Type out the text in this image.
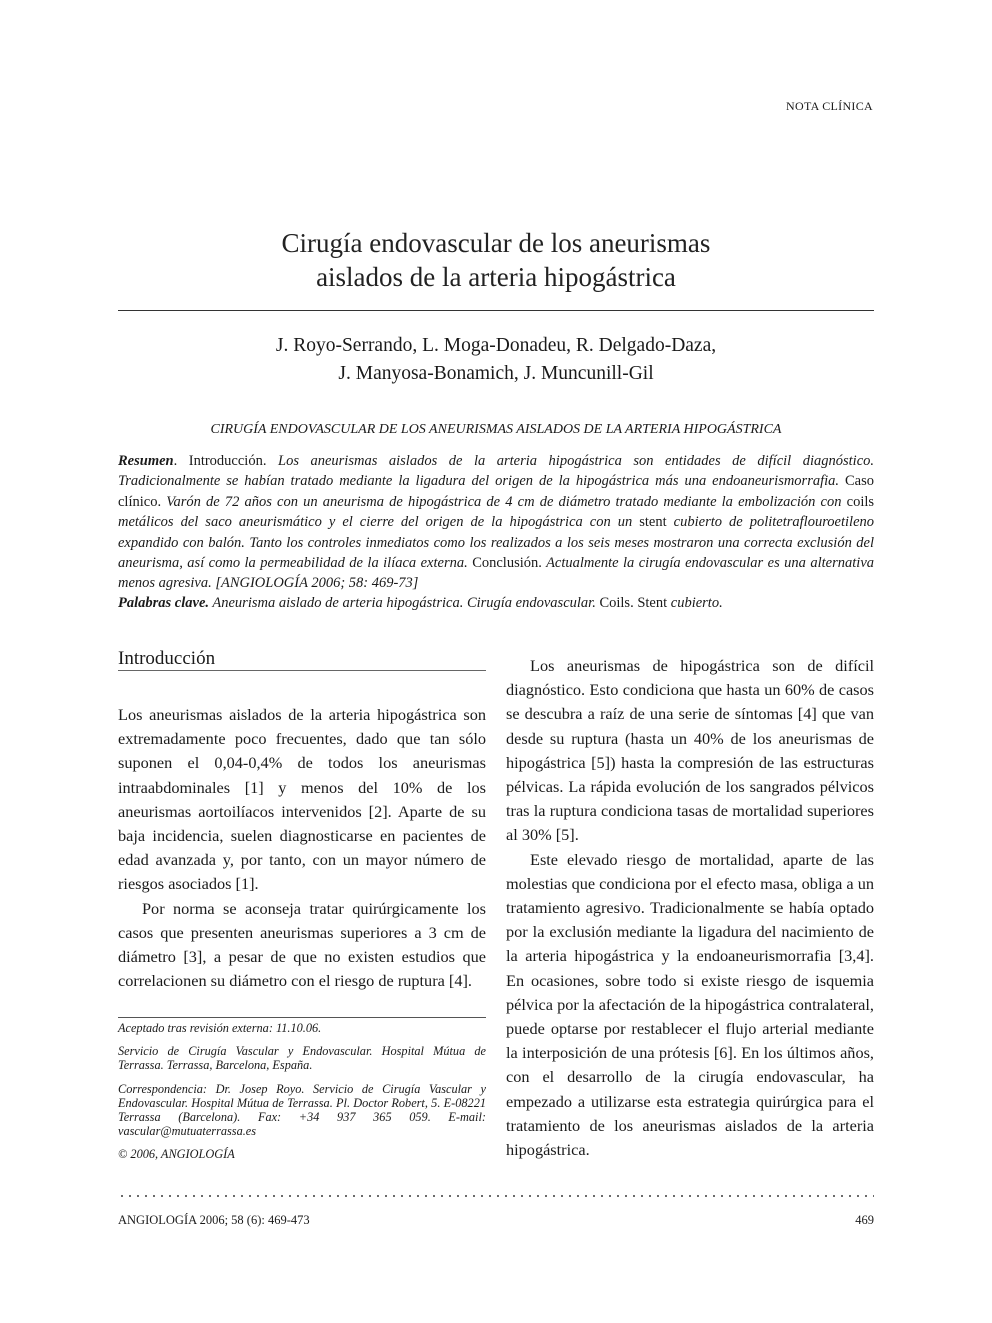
NOTA CLÍNICA
Cirugía endovascular de los aneurismas
aislados de la arteria hipogástrica
J. Royo-Serrando, L. Moga-Donadeu, R. Delgado-Daza,
J. Manyosa-Bonamich, J. Muncunill-Gil
CIRUGÍA ENDOVASCULAR DE LOS ANEURISMAS AISLADOS DE LA ARTERIA HIPOGÁSTRICA
Resumen. Introducción. Los aneurismas aislados de la arteria hipogástrica son entidades de difícil diagnóstico. Tradicionalmente se habían tratado mediante la ligadura del origen de la hipogástrica más una endoaneurismorrafia. Caso clínico. Varón de 72 años con un aneurisma de hipogástrica de 4 cm de diámetro tratado mediante la embolización con coils metálicos del saco aneurismático y el cierre del origen de la hipogástrica con un stent cubierto de politetraflouroetileno expandido con balón. Tanto los controles inmediatos como los realizados a los seis meses mostraron una correcta exclusión del aneurisma, así como la permeabilidad de la ilíaca externa. Conclusión. Actualmente la cirugía endovascular es una alternativa menos agresiva. [ANGIOLOGÍA 2006; 58: 469-73]
Palabras clave. Aneurisma aislado de arteria hipogástrica. Cirugía endovascular. Coils. Stent cubierto.
Introducción

Los aneurismas aislados de la arteria hipogástrica son extremadamente poco frecuentes, dado que tan sólo suponen el 0,04-0,4% de todos los aneurismas intraabdominales [1] y menos del 10% de los aneurismas aortoilíacos intervenidos [2]. Aparte de su baja incidencia, suelen diagnosticarse en pacientes de edad avanzada y, por tanto, con un mayor número de riesgos asociados [1].

Por norma se aconseja tratar quirúrgicamente los casos que presenten aneurismas superiores a 3 cm de diámetro [3], a pesar de que no existen estudios que correlacionen su diámetro con el riesgo de ruptura [4].

Aceptado tras revisión externa: 11.10.06.

Servicio de Cirugía Vascular y Endovascular. Hospital Mútua de Terrassa. Terrassa, Barcelona, España.

Correspondencia: Dr. Josep Royo. Servicio de Cirugía Vascular y Endovascular. Hospital Mútua de Terrassa. Pl. Doctor Robert, 5. E-08221 Terrassa (Barcelona). Fax: +34 937 365 059. E-mail: vascular@mutuaterrassa.es

© 2006, ANGIOLOGÍA

Los aneurismas de hipogástrica son de difícil diagnóstico. Esto condiciona que hasta un 60% de casos se descubra a raíz de una serie de síntomas [4] que van desde su ruptura (hasta un 40% de los aneurismas de hipogástrica [5]) hasta la compresión de las estructuras pélvicas. La rápida evolución de los sangrados pélvicos tras la ruptura condiciona tasas de mortalidad superiores al 30% [5].

Este elevado riesgo de mortalidad, aparte de las molestias que condiciona por el efecto masa, obliga a un tratamiento agresivo. Tradicionalmente se había optado por la exclusión mediante la ligadura del nacimiento de la arteria hipogástrica y la endoaneurismorrafia [3,4]. En ocasiones, sobre todo si existe riesgo de isquemia pélvica por la afectación de la hipogástrica contralateral, puede optarse por restablecer el flujo arterial mediante la interposición de una prótesis [6]. En los últimos años, con el desarrollo de la cirugía endovascular, ha empezado a utilizarse esta estrategia quirúrgica para el tratamiento de los aneurismas aislados de la arteria hipogástrica.

ANGIOLOGÍA 2006; 58 (6): 469-473	469
